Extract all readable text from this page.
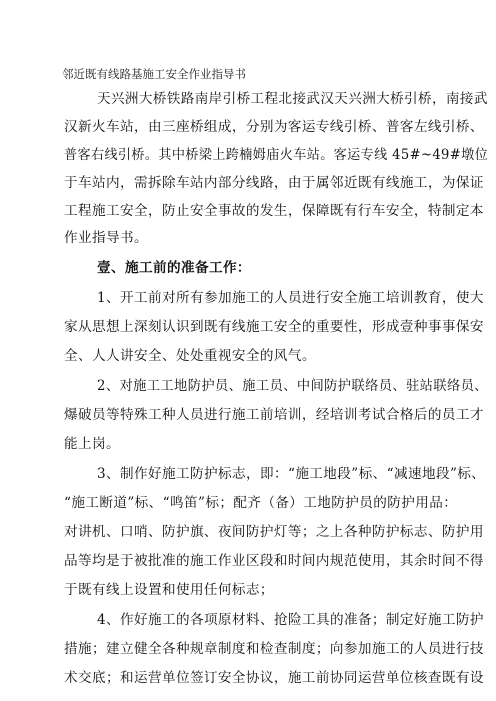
邻近既有线路基施工安全作业指导书
天兴洲大桥铁路南岸引桥工程北接武汉天兴洲大桥引桥，南接武
汉新火车站，由三座桥组成，分别为客运专线引桥、普客左线引桥、
普客右线引桥。其中桥梁上跨楠姆庙火车站。客运专线 45#~49#墩位
于车站内，需拆除车站内部分线路，由于属邻近既有线施工，为保证
工程施工安全，防止安全事故的发生，保障既有行车安全，特制定本
作业指导书。
壹、施工前的准备工作：
1、开工前对所有参加施工的人员进行安全施工培训教育，使大
家从思想上深刻认识到既有线施工安全的重要性，形成壹种事事保安
全、人人讲安全、处处重视安全的风气。
2、对施工工地防护员、施工员、中间防护联络员、驻站联络员、
爆破员等特殊工种人员进行施工前培训，经培训考试合格后的员工才
能上岗。
3、制作好施工防护标志，即：“施工地段”标、“减速地段”标、
“施工断道”标、“鸣笛”标；配齐（备）工地防护员的防护用品：
对讲机、口哨、防护旗、夜间防护灯等；之上各种防护标志、防护用
品等均是于被批准的施工作业区段和时间内规范使用，其余时间不得
于既有线上设置和使用任何标志；
4、作好施工的各项原材料、抢险工具的准备；制定好施工防护
措施；建立健全各种规章制度和检查制度；向参加施工的人员进行技
术交底；和运营单位签订安全协议，施工前协同运营单位核查既有设
